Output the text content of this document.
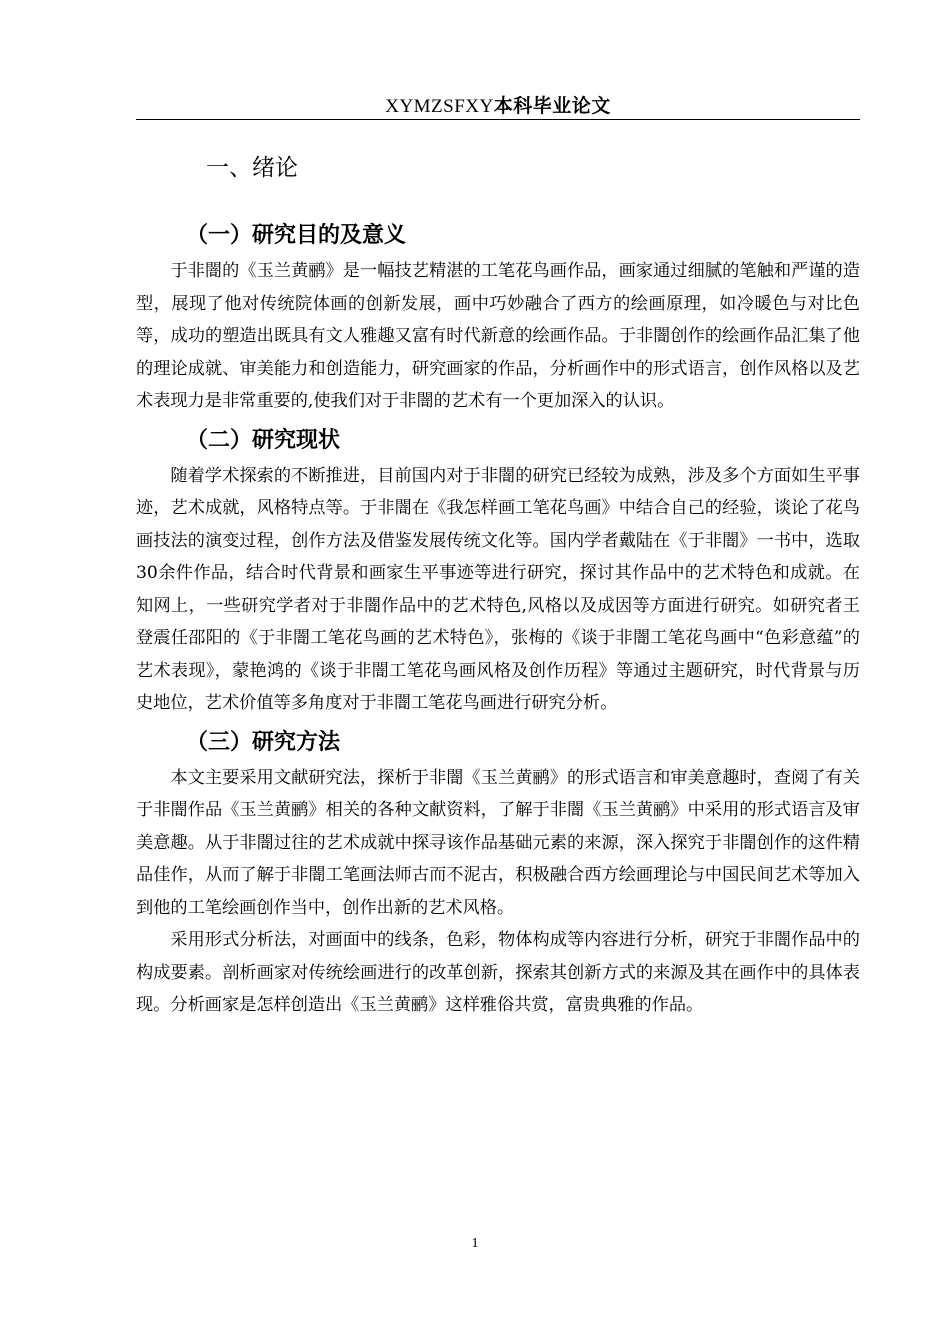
XYMZSFXY本科毕业论文
一、绪论
（一）研究目的及意义

于非闇的《玉兰黄鹂》是一幅技艺精湛的工笔花鸟画作品，画家通过细腻的笔触和严谨的造型，展现了他对传统院体画的创新发展，画中巧妙融合了西方的绘画原理，如冷暖色与对比色等，成功的塑造出既具有文人雅趣又富有时代新意的绘画作品。于非闇创作的绘画作品汇集了他的理论成就、审美能力和创造能力，研究画家的作品，分析画作中的形式语言，创作风格以及艺术表现力是非常重要的,使我们对于非闇的艺术有一个更加深入的认识。

（二）研究现状

随着学术探索的不断推进，目前国内对于非闇的研究已经较为成熟，涉及多个方面如生平事迹，艺术成就，风格特点等。于非闇在《我怎样画工笔花鸟画》中结合自己的经验，谈论了花鸟画技法的演变过程，创作方法及借鉴发展传统文化等。国内学者戴陆在《于非闇》一书中，选取30余件作品，结合时代背景和画家生平事迹等进行研究，探讨其作品中的艺术特色和成就。在知网上，一些研究学者对于非闇作品中的艺术特色,风格以及成因等方面进行研究。如研究者王登震任邵阳的《于非闇工笔花鸟画的艺术特色》，张梅的《谈于非闇工笔花鸟画中“色彩意蕴”的艺术表现》，蒙艳鸿的《谈于非闇工笔花鸟画风格及创作历程》等通过主题研究，时代背景与历史地位，艺术价值等多角度对于非闇工笔花鸟画进行研究分析。

（三）研究方法

本文主要采用文献研究法，探析于非闇《玉兰黄鹂》的形式语言和审美意趣时，查阅了有关于非闇作品《玉兰黄鹂》相关的各种文献资料，了解于非闇《玉兰黄鹂》中采用的形式语言及审美意趣。从于非闇过往的艺术成就中探寻该作品基础元素的来源，深入探究于非闇创作的这件精品佳作，从而了解于非闇工笔画法师古而不泥古，积极融合西方绘画理论与中国民间艺术等加入到他的工笔绘画创作当中，创作出新的艺术风格。

采用形式分析法，对画面中的线条，色彩，物体构成等内容进行分析，研究于非闇作品中的构成要素。剖析画家对传统绘画进行的改革创新，探索其创新方式的来源及其在画作中的具体表现。分析画家是怎样创造出《玉兰黄鹂》这样雅俗共赏，富贵典雅的作品。

1
